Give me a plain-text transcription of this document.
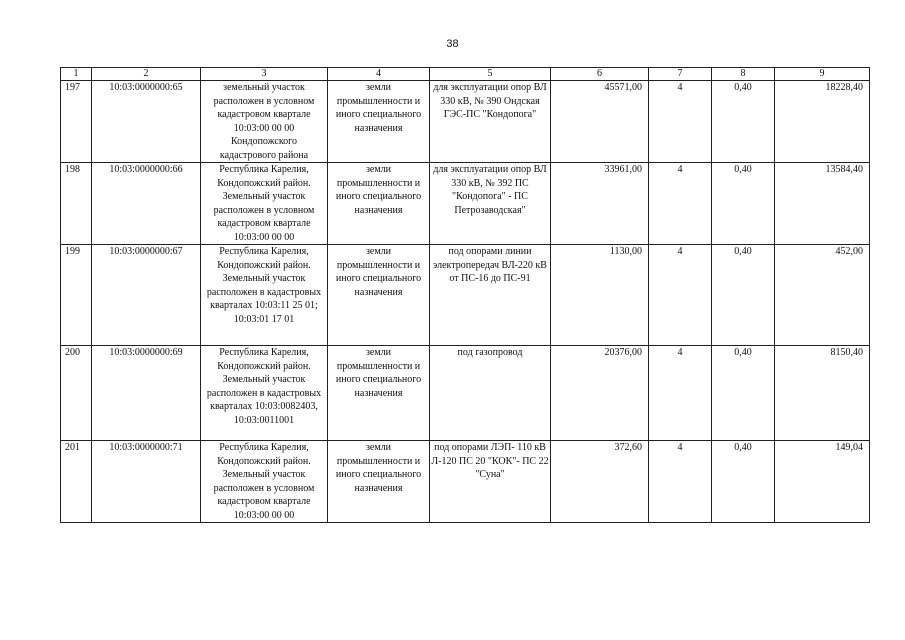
38
1	2	3	4	5	6	7	8	9
197	10:03:0000000:65	земельный участок расположен в условном кадастровом квартале 10:03:00 00 00 Кондопожского кадастрового района	земли промышленности и иного специального назначения	для эксплуатации опор ВЛ 330 кВ, № 390 Ондская ГЭС-ПС "Кондопога"	45571,00	4	0,40	18228,40
198	10:03:0000000:66	Республика Карелия, Кондопожский район. Земельный участок расположен в условном кадастровом квартале 10:03:00 00 00	земли промышленности и иного специального назначения	для эксплуатации опор ВЛ 330 кВ, № 392 ПС "Кондопога" - ПС Петрозаводская"	33961,00	4	0,40	13584,40
199	10:03:0000000:67	Республика Карелия, Кондопожский район. Земельный участок расположен в кадастровых кварталах 10:03:11 25 01; 10:03:01 17 01	земли промышленности и иного специального назначения	под опорами линии электропередач ВЛ-220 кВ от ПС-16 до ПС-91	1130,00	4	0,40	452,00
200	10:03:0000000:69	Республика Карелия, Кондопожский район. Земельный участок расположен в кадастровых кварталах 10:03:0082403, 10:03:0011001	земли промышленности и иного специального назначения	под газопровод	20376,00	4	0,40	8150,40
201	10:03:0000000:71	Республика Карелия, Кондопожский район. Земельный участок расположен в условном кадастровом квартале 10:03:00 00 00	земли промышленности и иного специального назначения	под опорами ЛЭП- 110 кВ Л-120 ПС 20 "КОК"- ПС 22 "Суна"	372,60	4	0,40	149,04
